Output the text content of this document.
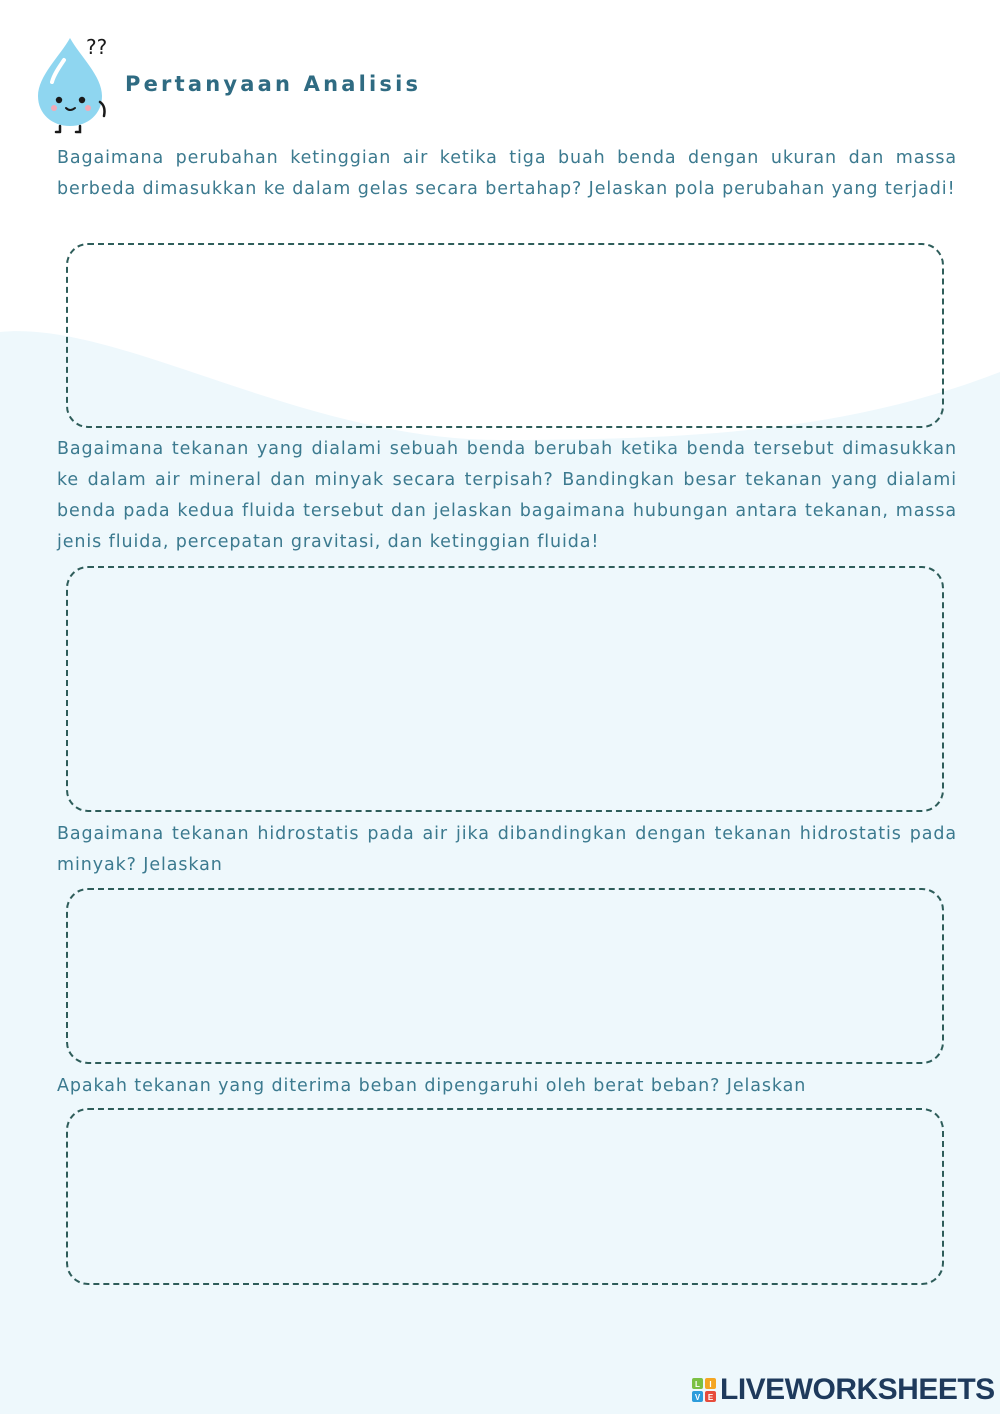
??
Pertanyaan Analisis
Bagaimana perubahan ketinggian air ketika tiga buah benda dengan ukuran dan massa berbeda dimasukkan ke dalam gelas secara bertahap? Jelaskan pola perubahan yang terjadi!
Bagaimana tekanan yang dialami sebuah benda berubah ketika benda tersebut dimasukkan ke dalam air mineral dan minyak secara terpisah? Bandingkan besar tekanan yang dialami benda pada kedua fluida tersebut dan jelaskan bagaimana hubungan antara tekanan, massa jenis fluida, percepatan gravitasi, dan ketinggian fluida!
Bagaimana tekanan hidrostatis pada air jika dibandingkan dengan tekanan hidrostatis pada minyak? Jelaskan
Apakah tekanan yang diterima beban dipengaruhi oleh berat beban? Jelaskan
L I
V E LIVEWORKSHEETS
